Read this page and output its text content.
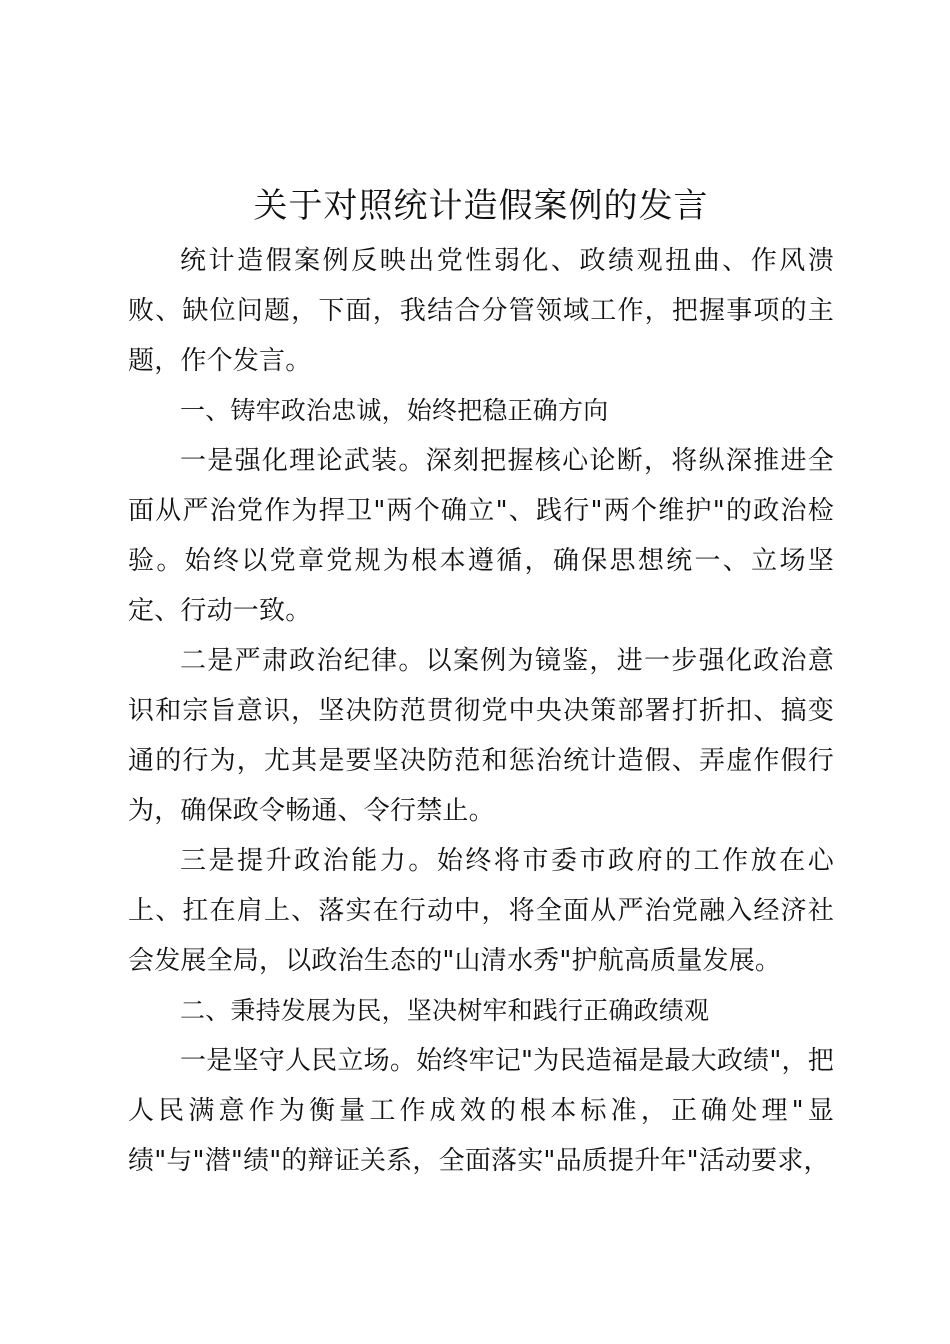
关于对照统计造假案例的发言

统计造假案例反映出党性弱化、政绩观扭曲、作风溃败、缺位问题，下面，我结合分管领域工作，把握事项的主题，作个发言。

一、铸牢政治忠诚，始终把稳正确方向

一是强化理论武装。深刻把握核心论断，将纵深推进全面从严治党作为捍卫"两个确立"、践行"两个维护"的政治检验。始终以党章党规为根本遵循，确保思想统一、立场坚定、行动一致。

二是严肃政治纪律。以案例为镜鉴，进一步强化政治意识和宗旨意识，坚决防范贯彻党中央决策部署打折扣、搞变通的行为，尤其是要坚决防范和惩治统计造假、弄虚作假行为，确保政令畅通、令行禁止。

三是提升政治能力。始终将市委市政府的工作放在心上、扛在肩上、落实在行动中，将全面从严治党融入经济社会发展全局，以政治生态的"山清水秀"护航高质量发展。

二、秉持发展为民，坚决树牢和践行正确政绩观

一是坚守人民立场。始终牢记"为民造福是最大政绩"，把人民满意作为衡量工作成效的根本标准，正确处理"显绩"与"潜"绩"的辩证关系，全面落实"品质提升年"活动要求，
